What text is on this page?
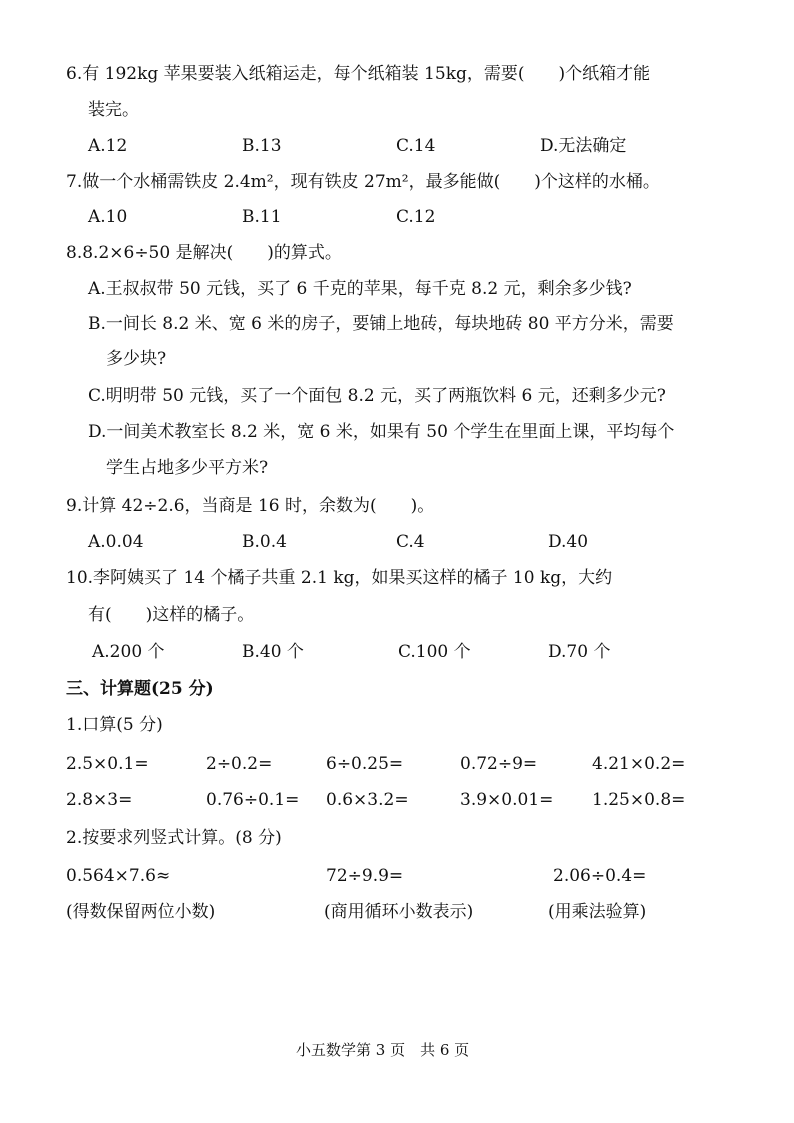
6.有 192kg 苹果要装入纸箱运走，每个纸箱装 15kg，需要(　　)个纸箱才能
装完。
A.12	B.13	C.14	D.无法确定
7.做一个水桶需铁皮 2.4m²，现有铁皮 27m²，最多能做(　　)个这样的水桶。
A.10	B.11	C.12
8.8.2×6÷50 是解决(　　)的算式。
A.王叔叔带 50 元钱，买了 6 千克的苹果，每千克 8.2 元，剩余多少钱?
B.一间长 8.2 米、宽 6 米的房子，要铺上地砖，每块地砖 80 平方分米，需要
多少块?
C.明明带 50 元钱，买了一个面包 8.2 元，买了两瓶饮料 6 元，还剩多少元?
D.一间美术教室长 8.2 米，宽 6 米，如果有 50 个学生在里面上课，平均每个
学生占地多少平方米?
9.计算 42÷2.6，当商是 16 时，余数为(　　)。
A.0.04	B.0.4	C.4	D.40
10.李阿姨买了 14 个橘子共重 2.1 kg，如果买这样的橘子 10 kg，大约
有(　　)这样的橘子。
A.200 个	B.40 个	C.100 个	D.70 个
三、计算题(25 分)
1.口算(5 分)
2.5×0.1=	2÷0.2=	6÷0.25=	0.72÷9=	4.21×0.2=
2.8×3=	0.76÷0.1= 0.6×3.2=	3.9×0.01= 1.25×0.8=
2.按要求列竖式计算。(8 分)
0.564×7.6≈	72÷9.9=	2.06÷0.4=
(得数保留两位小数)	(商用循环小数表示)	(用乘法验算)
小五数学第 3 页　共 6 页
